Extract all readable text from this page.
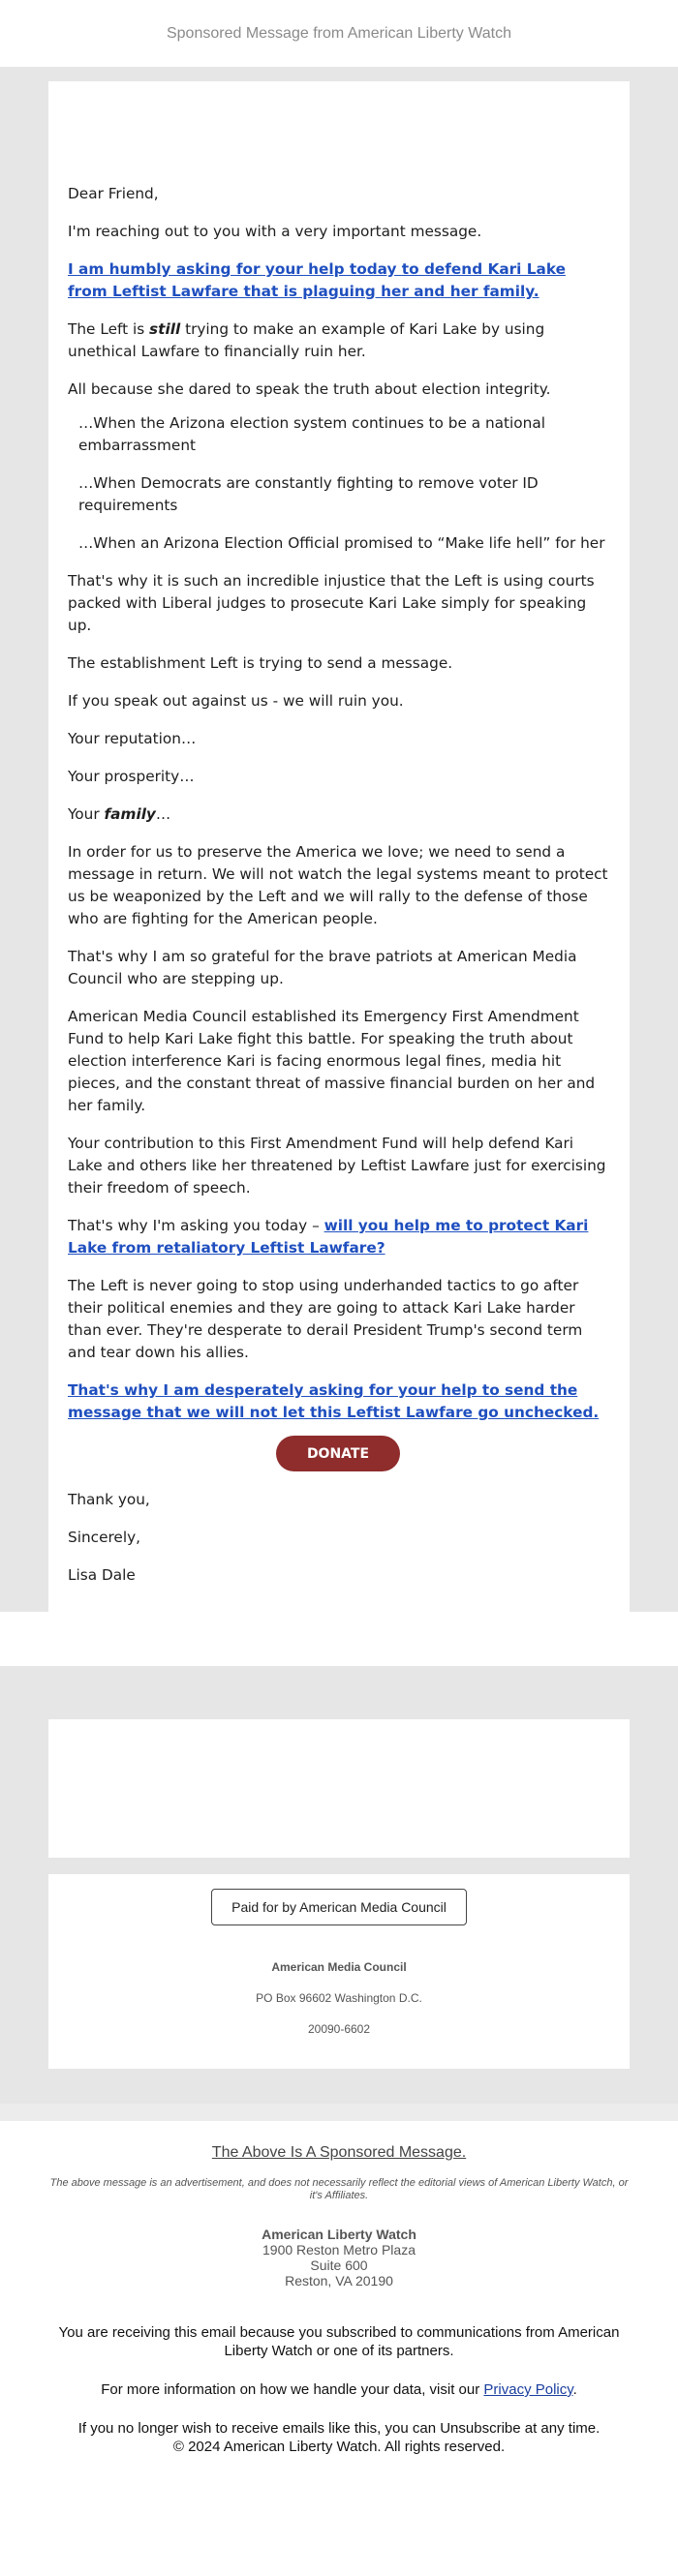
Sponsored Message from American Liberty Watch

Dear Friend,

I'm reaching out to you with a very important message.

I am humbly asking for your help today to defend Kari Lake from Leftist Lawfare that is plaguing her and her family.

The Left is still trying to make an example of Kari Lake by using unethical Lawfare to financially ruin her.

All because she dared to speak the truth about election integrity.

…When the Arizona election system continues to be a national embarrassment

…When Democrats are constantly fighting to remove voter ID requirements

…When an Arizona Election Official promised to “Make life hell” for her

That's why it is such an incredible injustice that the Left is using courts packed with Liberal judges to prosecute Kari Lake simply for speaking up.

The establishment Left is trying to send a message.

If you speak out against us - we will ruin you.

Your reputation…

Your prosperity…

Your family…

In order for us to preserve the America we love; we need to send a message in return. We will not watch the legal systems meant to protect us be weaponized by the Left and we will rally to the defense of those who are fighting for the American people.

That's why I am so grateful for the brave patriots at American Media Council who are stepping up.

American Media Council established its Emergency First Amendment Fund to help Kari Lake fight this battle. For speaking the truth about election interference Kari is facing enormous legal fines, media hit pieces, and the constant threat of massive financial burden on her and her family.

Your contribution to this First Amendment Fund will help defend Kari Lake and others like her threatened by Leftist Lawfare just for exercising their freedom of speech.

That's why I'm asking you today – will you help me to protect Kari Lake from retaliatory Leftist Lawfare?

The Left is never going to stop using underhanded tactics to go after their political enemies and they are going to attack Kari Lake harder than ever. They're desperate to derail President Trump's second term and tear down his allies.

That's why I am desperately asking for your help to send the message that we will not let this Leftist Lawfare go unchecked.

DONATE

Thank you,

Sincerely,

Lisa Dale

Paid for by American Media Council
American Media Council
PO Box 96602 Washington D.C.
20090-6602
The Above Is A Sponsored Message.
The above message is an advertisement, and does not necessarily reflect the editorial views of American Liberty Watch, or it's Affiliates.
American Liberty Watch
1900 Reston Metro Plaza
Suite 600
Reston, VA 20190
You are receiving this email because you subscribed to communications from American Liberty Watch or one of its partners.
For more information on how we handle your data, visit our Privacy Policy.
If you no longer wish to receive emails like this, you can Unsubscribe at any time.
© 2024 American Liberty Watch. All rights reserved.
